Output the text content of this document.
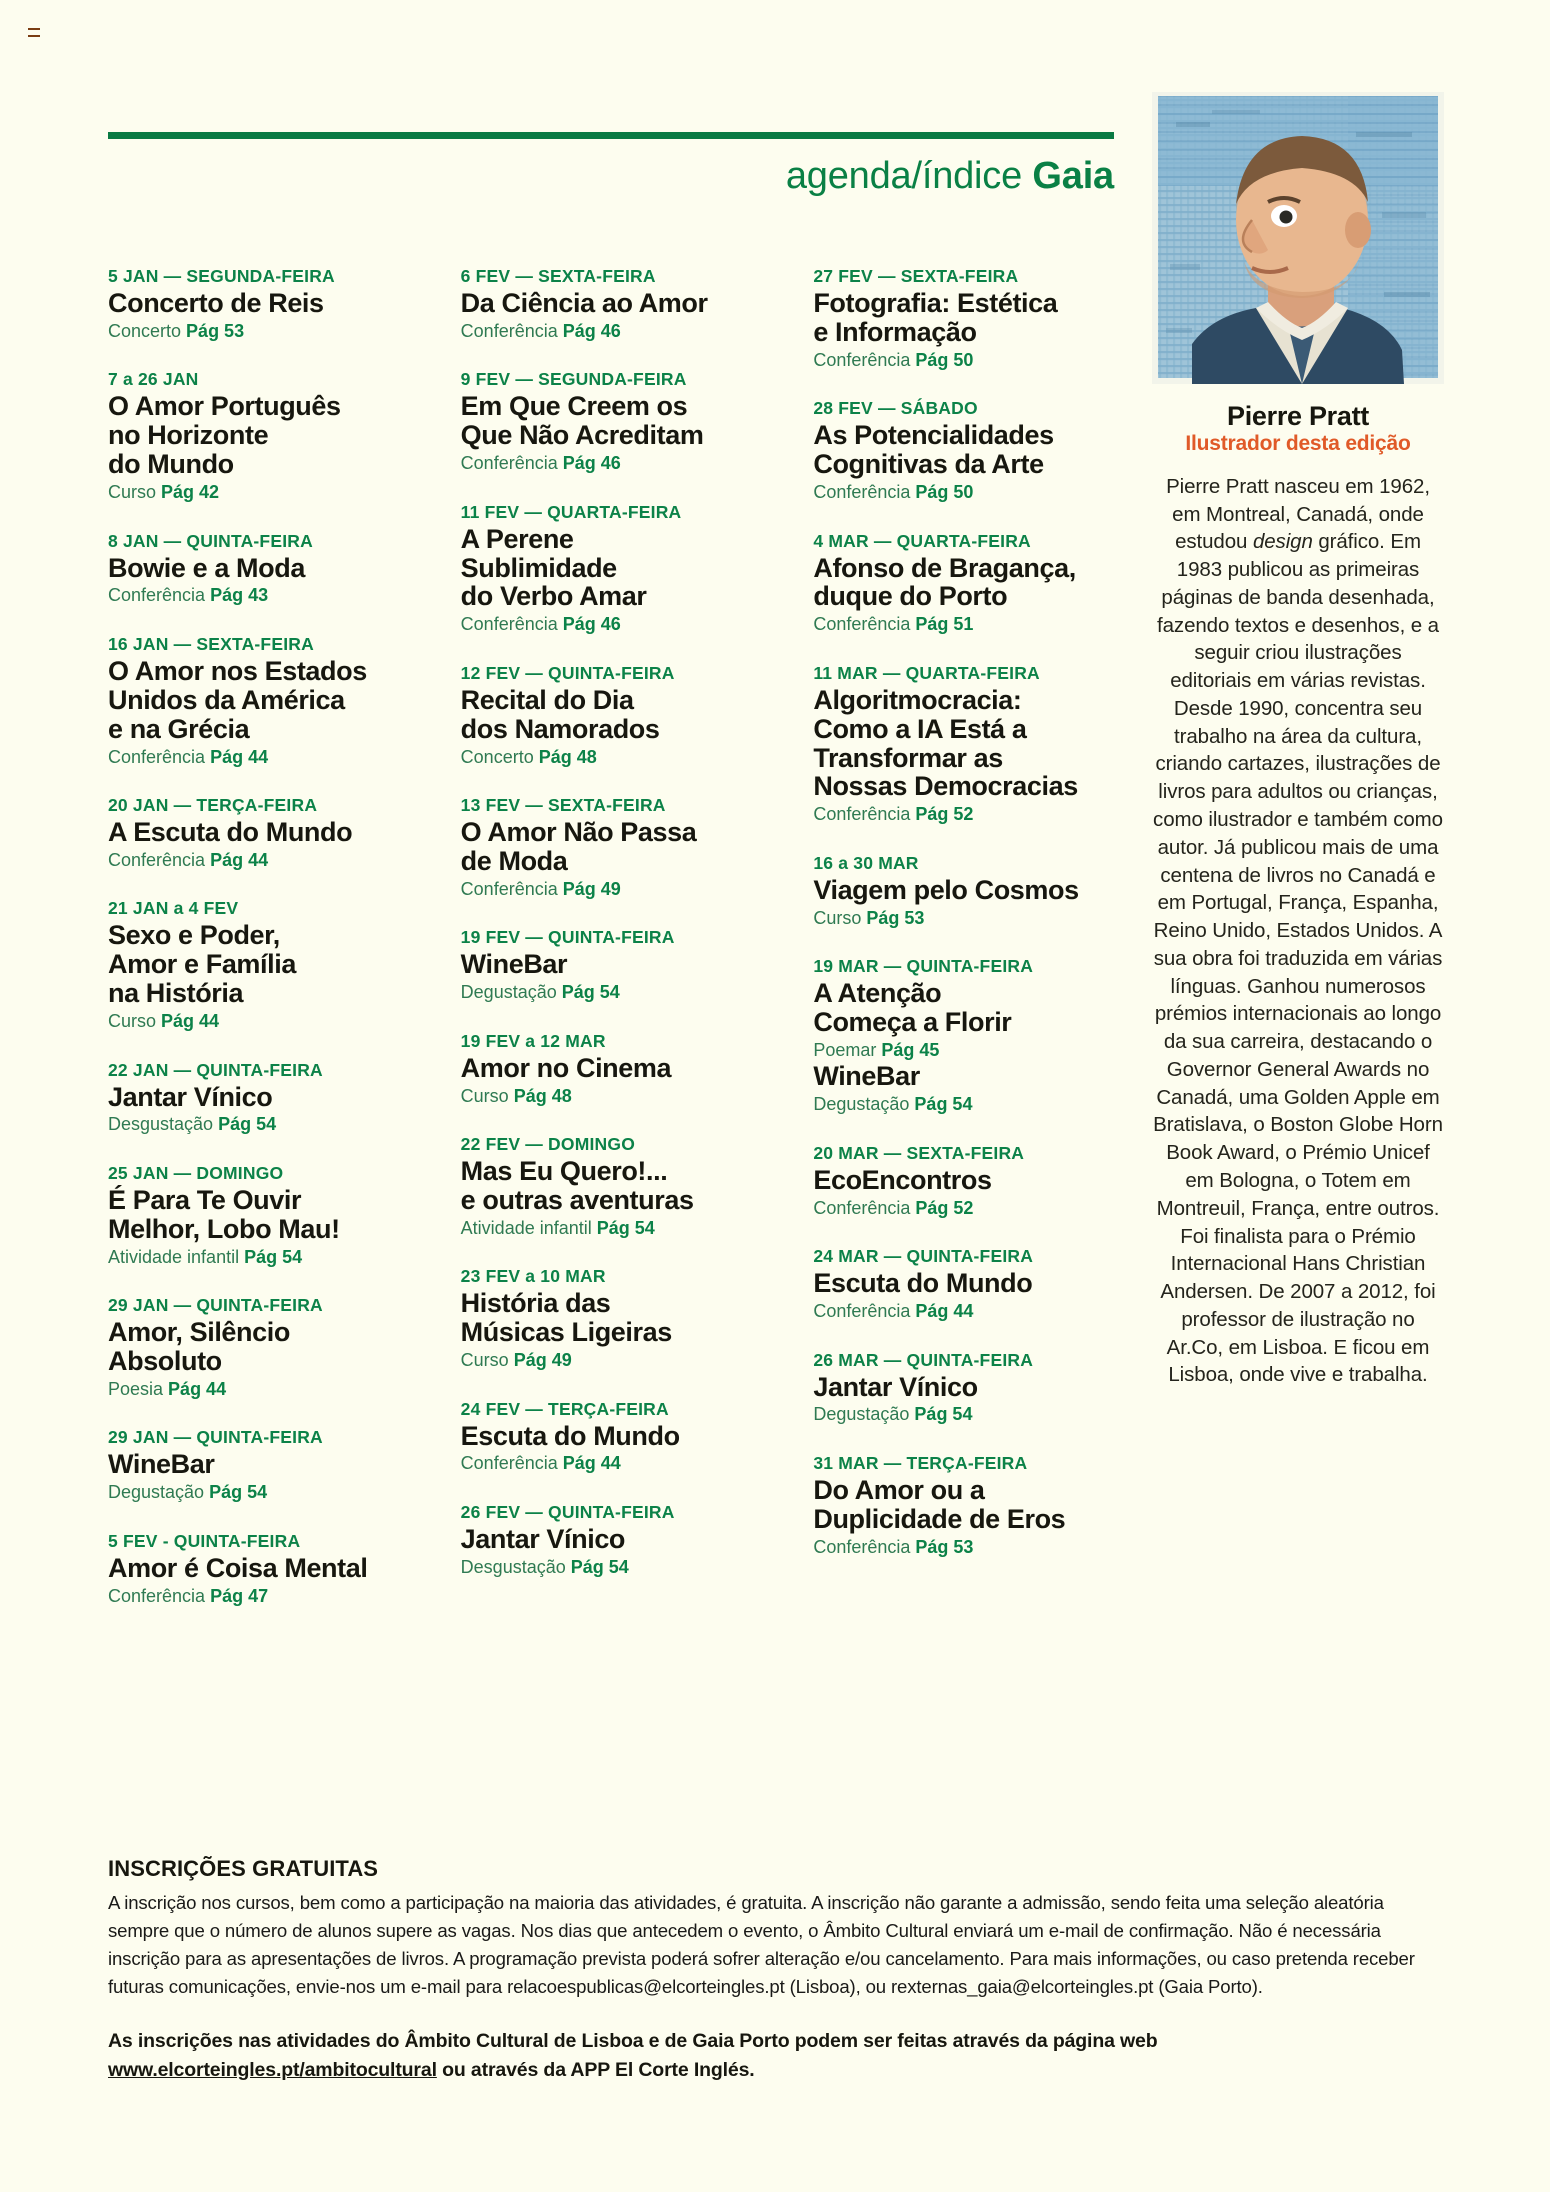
agenda/índice Gaia
5 JAN — SEGUNDA-FEIRA
Concerto de Reis
Concerto Pág 53
7 a 26 JAN
O Amor Português
no Horizonte
do Mundo
Curso Pág 42
8 JAN — QUINTA-FEIRA
Bowie e a Moda
Conferência Pág 43
16 JAN — SEXTA-FEIRA
O Amor nos Estados
Unidos da América
e na Grécia
Conferência Pág 44
20 JAN — TERÇA-FEIRA
A Escuta do Mundo
Conferência Pág 44
21 JAN a 4 FEV
Sexo e Poder,
Amor e Família
na História
Curso Pág 44
22 JAN — QUINTA-FEIRA
Jantar Vínico
Desgustação Pág 54
25 JAN — DOMINGO
É Para Te Ouvir
Melhor, Lobo Mau!
Atividade infantil Pág 54
29 JAN — QUINTA-FEIRA
Amor, Silêncio
Absoluto
Poesia Pág 44
29 JAN — QUINTA-FEIRA
WineBar
Degustação Pág 54
5 FEV - QUINTA-FEIRA
Amor é Coisa Mental
Conferência Pág 47
6 FEV — SEXTA-FEIRA
Da Ciência ao Amor
Conferência Pág 46
9 FEV — SEGUNDA-FEIRA
Em Que Creem os
Que Não Acreditam
Conferência Pág 46
11 FEV — QUARTA-FEIRA
A Perene
Sublimidade
do Verbo Amar
Conferência Pág 46
12 FEV — QUINTA-FEIRA
Recital do Dia
dos Namorados
Concerto Pág 48
13 FEV — SEXTA-FEIRA
O Amor Não Passa
de Moda
Conferência Pág 49
19 FEV — QUINTA-FEIRA
WineBar
Degustação Pág 54
19 FEV a 12 MAR
Amor no Cinema
Curso Pág 48
22 FEV — DOMINGO
Mas Eu Quero!...
e outras aventuras
Atividade infantil Pág 54
23 FEV a 10 MAR
História das
Músicas Ligeiras
Curso Pág 49
24 FEV — TERÇA-FEIRA
Escuta do Mundo
Conferência Pág 44
26 FEV — QUINTA-FEIRA
Jantar Vínico
Desgustação Pág 54
27 FEV — SEXTA-FEIRA
Fotografia: Estética
e Informação
Conferência Pág 50
28 FEV — SÁBADO
As Potencialidades
Cognitivas da Arte
Conferência Pág 50
4 MAR — QUARTA-FEIRA
Afonso de Bragança,
duque do Porto
Conferência Pág 51
11 MAR — QUARTA-FEIRA
Algoritmocracia:
Como a IA Está a
Transformar as
Nossas Democracias
Conferência Pág 52
16 a 30 MAR
Viagem pelo Cosmos
Curso Pág 53
19 MAR — QUINTA-FEIRA
A Atenção
Começa a Florir
Poemar Pág 45
WineBar
Degustação Pág 54
20 MAR — SEXTA-FEIRA
EcoEncontros
Conferência Pág 52
24 MAR — QUINTA-FEIRA
Escuta do Mundo
Conferência Pág 44
26 MAR — QUINTA-FEIRA
Jantar Vínico
Degustação Pág 54
31 MAR — TERÇA-FEIRA
Do Amor ou a
Duplicidade de Eros
Conferência Pág 53
Pierre Pratt
Ilustrador desta edição
Pierre Pratt nasceu em 1962, em Montreal, Canadá, onde estudou design gráfico. Em 1983 publicou as primeiras páginas de banda desenhada, fazendo textos e desenhos, e a seguir criou ilustrações editoriais em várias revistas. Desde 1990, concentra seu trabalho na área da cultura, criando cartazes, ilustrações de livros para adultos ou crianças, como ilustrador e também como autor. Já publicou mais de uma centena de livros no Canadá e em Portugal, França, Espanha, Reino Unido, Estados Unidos. A sua obra foi traduzida em várias línguas. Ganhou numerosos prémios internacionais ao longo da sua carreira, destacando o Governor General Awards no Canadá, uma Golden Apple em Bratislava, o Boston Globe Horn Book Award, o Prémio Unicef em Bologna, o Totem em Montreuil, França, entre outros. Foi finalista para o Prémio Internacional Hans Christian Andersen. De 2007 a 2012, foi professor de ilustração no Ar.Co, em Lisboa. E ficou em Lisboa, onde vive e trabalha.
INSCRIÇÕES GRATUITAS
A inscrição nos cursos, bem como a participação na maioria das atividades, é gratuita. A inscrição não garante a admissão, sendo feita uma seleção aleatória sempre que o número de alunos supere as vagas. Nos dias que antecedem o evento, o Âmbito Cultural enviará um e-mail de confirmação. Não é necessária inscrição para as apresentações de livros. A programação prevista poderá sofrer alteração e/ou cancelamento. Para mais informações, ou caso pretenda receber futuras comunicações, envie-nos um e-mail para relacoespublicas@elcorteingles.pt (Lisboa), ou rexternas_gaia@elcorteingles.pt (Gaia Porto).
As inscrições nas atividades do Âmbito Cultural de Lisboa e de Gaia Porto podem ser feitas através da página web www.elcorteingles.pt/ambitocultural ou através da APP El Corte Inglés.
